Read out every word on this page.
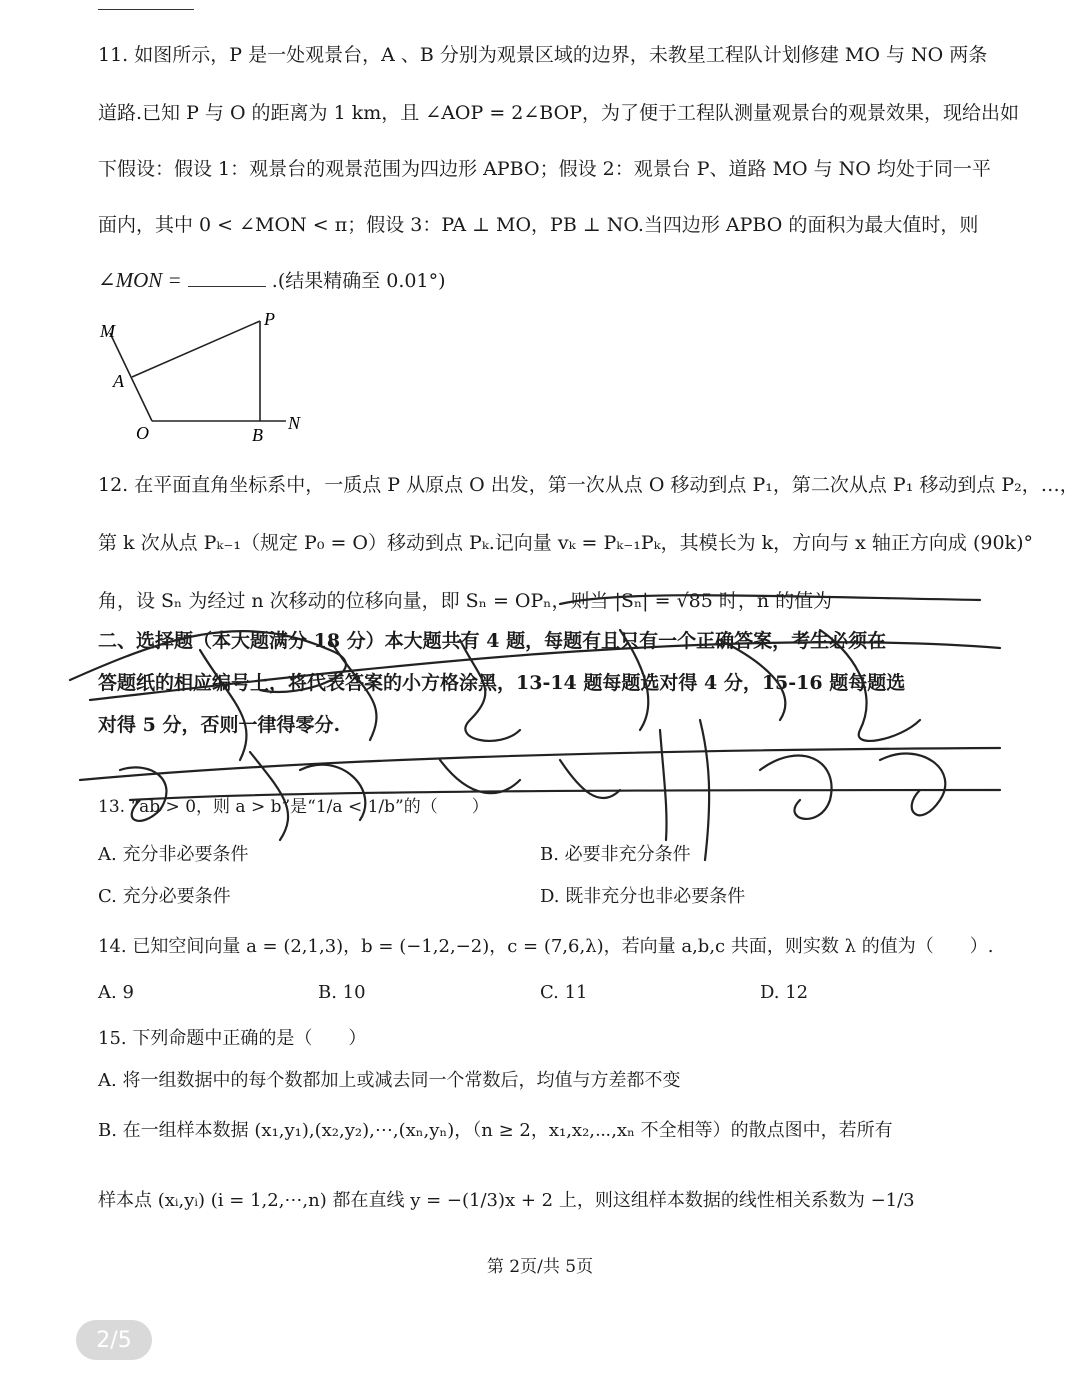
11. 如图所示，P 是一处观景台，A 、B 分别为观景区域的边界，未教星工程队计划修建 MO 与 NO 两条
道路.已知 P 与 O 的距离为 1 km，且 ∠AOP = 2∠BOP，为了便于工程队测量观景台的观景效果，现给出如
下假设：假设 1：观景台的观景范围为四边形 APBO；假设 2：观景台 P、道路 MO 与 NO 均处于同一平
面内，其中 0 < ∠MON < π；假设 3：PA ⊥ MO，PB ⊥ NO.当四边形 APBO 的面积为最大值时，则
∠MON =	.(结果精确至 0.01°)
M
P
A
O	B
N
12. 在平面直角坐标系中，一质点 P 从原点 O 出发，第一次从点 O 移动到点 P₁，第二次从点 P₁ 移动到点 P₂，…，
第 k 次从点 Pₖ₋₁（规定 P₀ = O）移动到点 Pₖ.记向量 vₖ = Pₖ₋₁Pₖ，其模长为 k，方向与 x 轴正方向成 (90k)°
角，设 Sₙ 为经过 n 次移动的位移向量，即 Sₙ = OPₙ，则当 |Sₙ| = √85 时，n 的值为
二、选择题（本大题满分 18 分）本大题共有 4 题，每题有且只有一个正确答案，考生必须在
答题纸的相应编号上，将代表答案的小方格涂黑，13-14 题每题选对得 4 分，15-16 题每题选
对得 5 分，否则一律得零分.
13. “ab > 0，则 a > b”是“1/a < 1/b”的（　　）
A. 充分非必要条件	B. 必要非充分条件
C. 充分必要条件	D. 既非充分也非必要条件
14. 已知空间向量 a = (2,1,3)，b = (−1,2,−2)，c = (7,6,λ)，若向量 a,b,c 共面，则实数 λ 的值为（　　）.
A. 9	B. 10	C. 11	D. 12
15. 下列命题中正确的是（　　）
A. 将一组数据中的每个数都加上或减去同一个常数后，均值与方差都不变
B. 在一组样本数据 (x₁,y₁),(x₂,y₂),⋯,(xₙ,yₙ)，（n ≥ 2，x₁,x₂,⋯,xₙ 不全相等）的散点图中，若所有
样本点 (xᵢ,yᵢ) (i = 1,2,⋯,n) 都在直线 y = −(1/3)x + 2 上，则这组样本数据的线性相关系数为 −1/3
第 2页/共 5页
2/5
